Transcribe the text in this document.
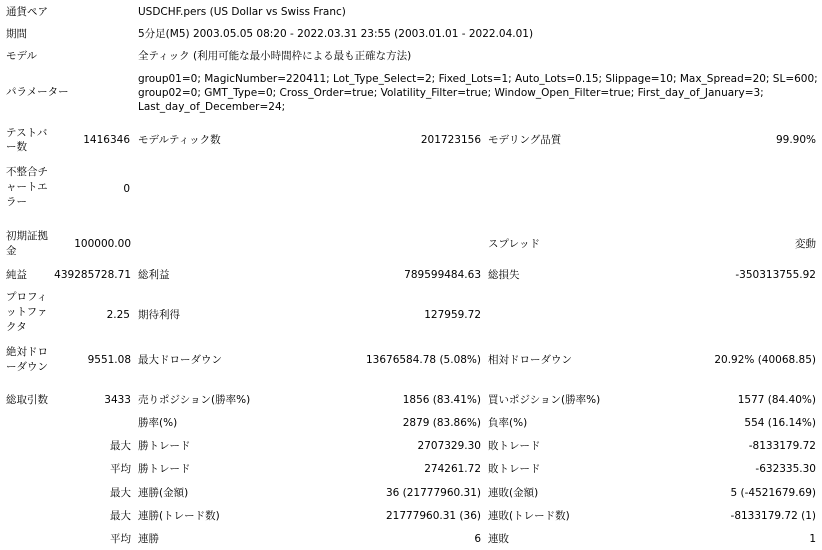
通貨ペア	USDCHF.pers (US Dollar vs Swiss Franc)
期間	5分足(M5) 2003.05.05 08:20 - 2022.03.31 23:55 (2003.01.01 - 2022.04.01)
モデル	全ティック (利用可能な最小時間枠による最も正確な方法)
パラメーター
group01=0; MagicNumber=220411; Lot_Type_Select=2; Fixed_Lots=1; Auto_Lots=0.15; Slippage=10; Max_Spread=20; SL=600;
group02=0; GMT_Type=0; Cross_Order=true; Volatility_Filter=true; Window_Open_Filter=true; First_day_of_January=3;
Last_day_of_December=24;
テストバ
ー数
1416346 モデルティック数	201723156 モデリング品質	99.90%
不整合チ
ャートエ
ラー
0
初期証拠
金
100000.00	スプレッド	変動
純益	439285728.71 総利益	789599484.63 総損失	-350313755.92
プロフィ
ットファ
クタ
2.25 期待利得	127959.72
絶対ドロ
ーダウン
9551.08 最大ドローダウン	13676584.78 (5.08%) 相対ドローダウン	20.92% (40068.85)
総取引数	3433 売りポジション(勝率%)	1856 (83.41%) 買いポジション(勝率%)	1577 (84.40%)
勝率(%)	2879 (83.86%) 負率(%)	554 (16.14%)
最大 勝トレード	2707329.30 敗トレード	-8133179.72
平均 勝トレード	274261.72 敗トレード	-632335.30
最大 連勝(金額)	36 (21777960.31) 連敗(金額)	5 (-4521679.69)
最大 連勝(トレード数)	21777960.31 (36) 連敗(トレード数)	-8133179.72 (1)
平均 連勝	6 連敗	1
